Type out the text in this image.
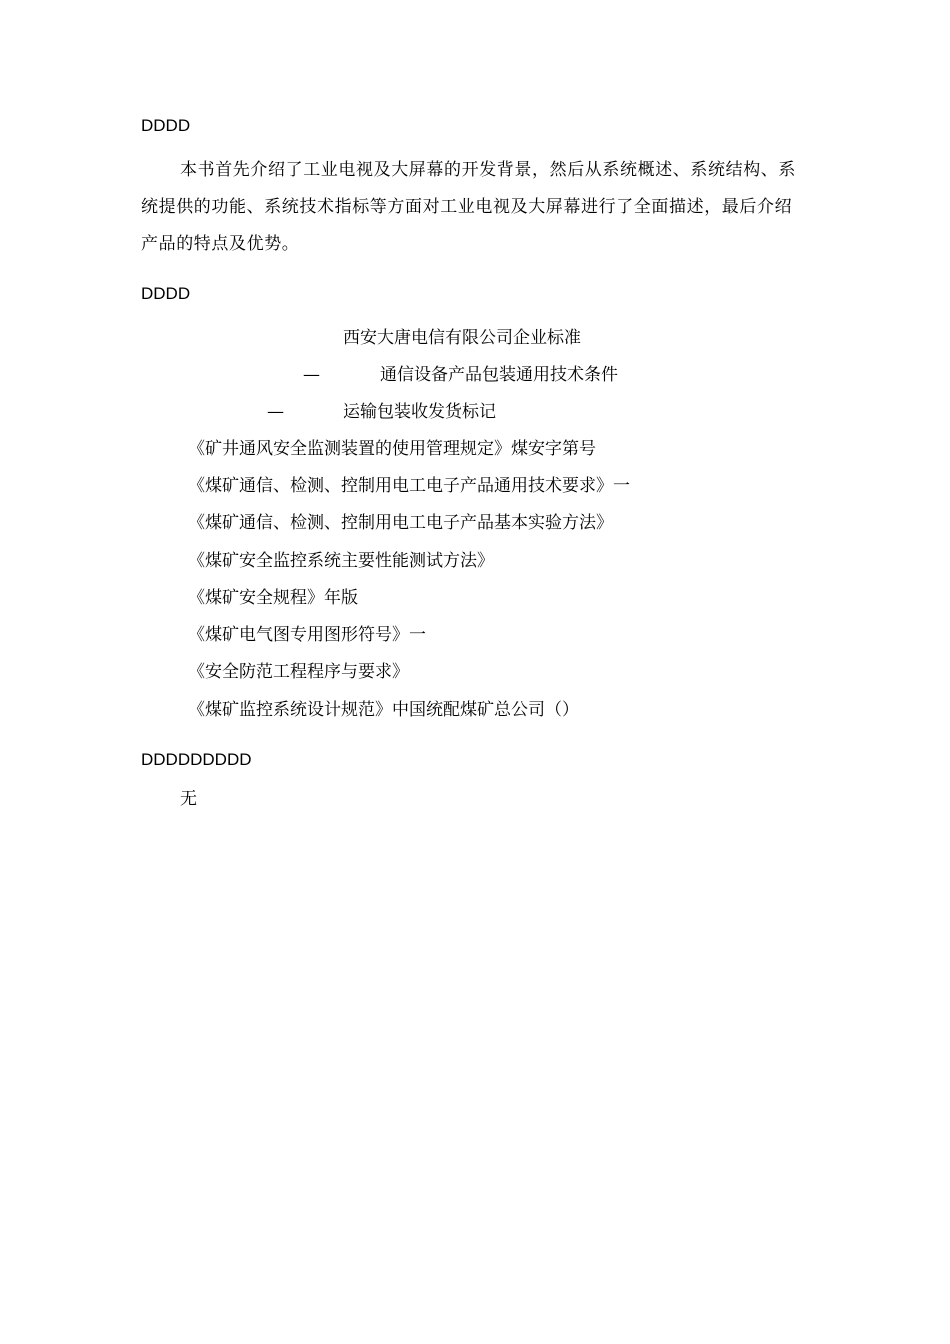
DDDD
本书首先介绍了工业电视及大屏幕的开发背景，然后从系统概述、系统结构、系统提供的功能、系统技术指标等方面对工业电视及大屏幕进行了全面描述，最后介绍产品的特点及优势。
DDDD
西安大唐电信有限公司企业标准
—	通信设备产品包装通用技术条件
—	运输包装收发货标记
《矿井通风安全监测装置的使用管理规定》煤安字第号
《煤矿通信、检测、控制用电工电子产品通用技术要求》一
《煤矿通信、检测、控制用电工电子产品基本实验方法》
《煤矿安全监控系统主要性能测试方法》
《煤矿安全规程》年版
《煤矿电气图专用图形符号》一
《安全防范工程程序与要求》
《煤矿监控系统设计规范》中国统配煤矿总公司（）
DDDDDDDDD
无
